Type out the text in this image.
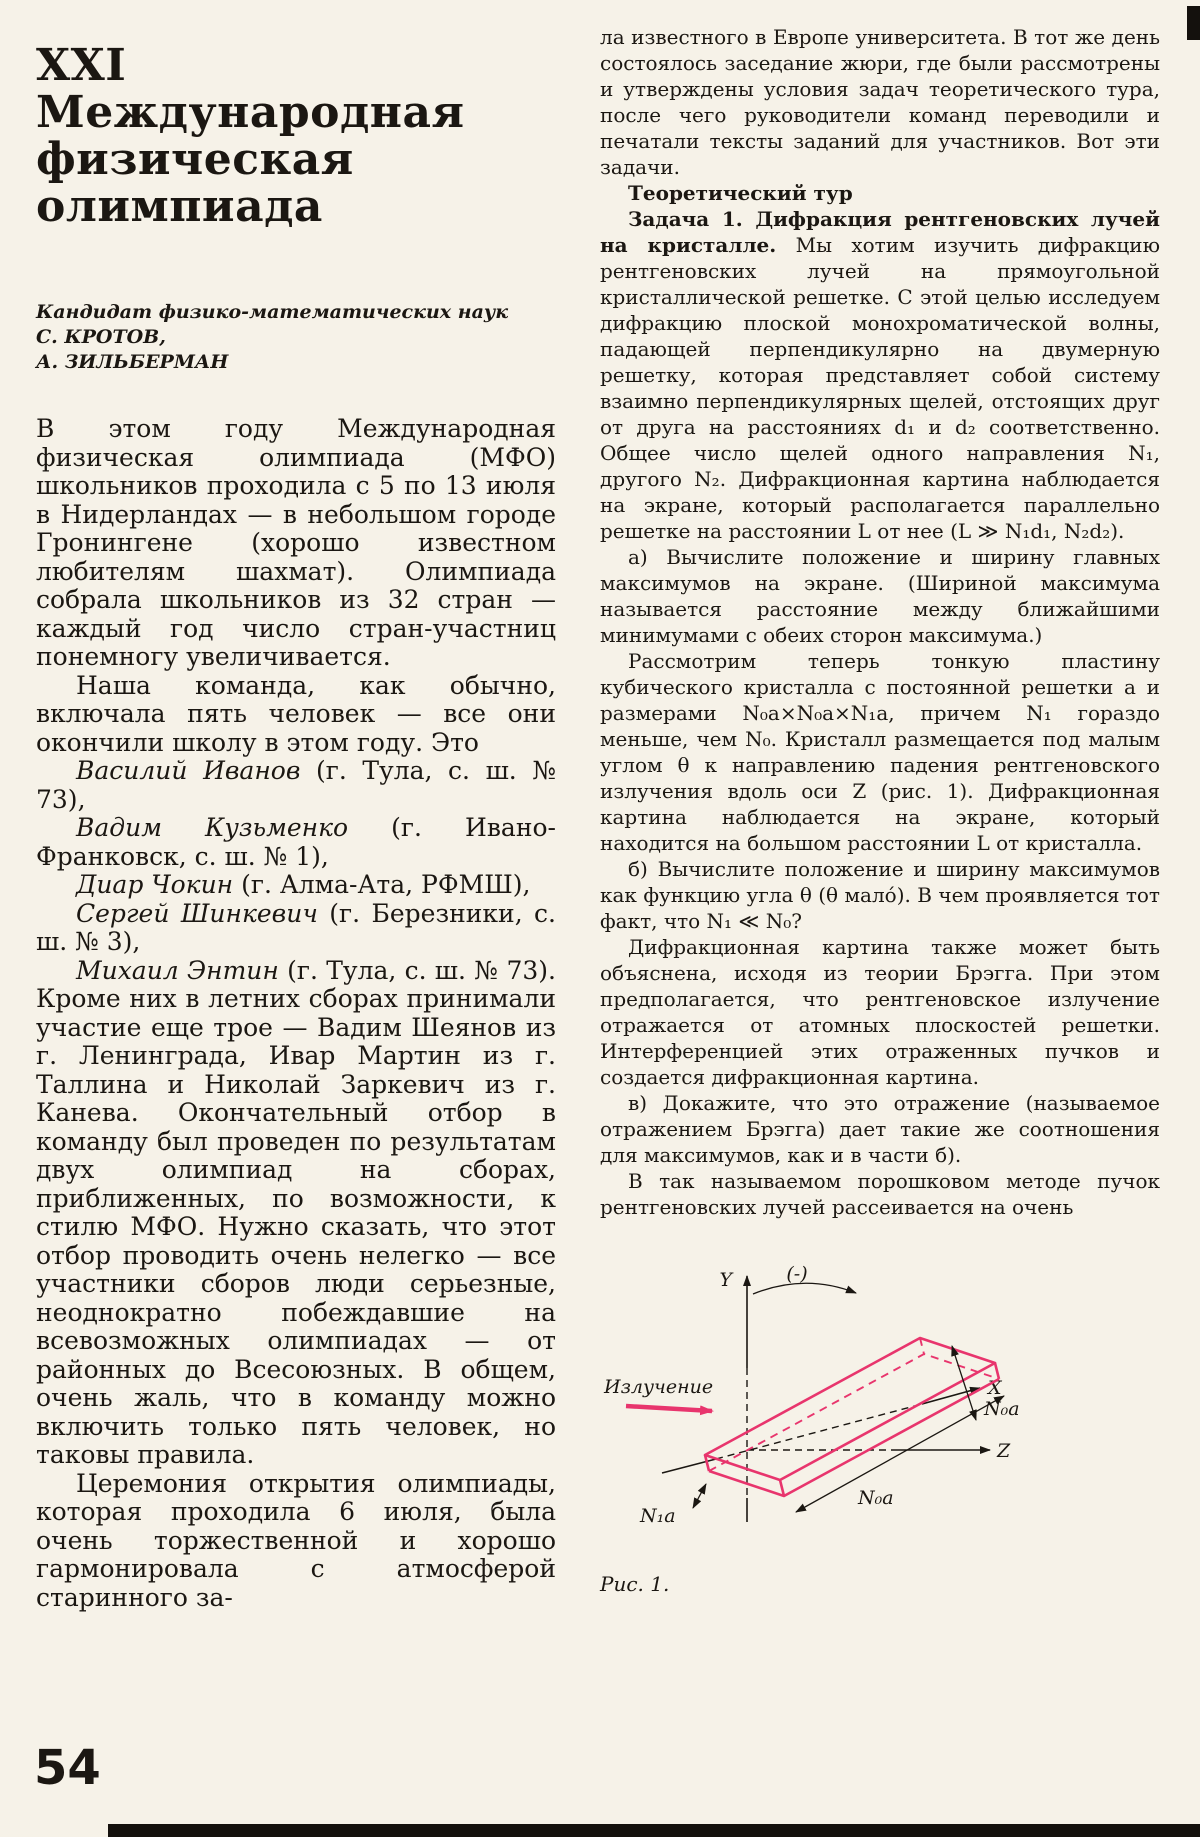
XXI
Международная
физическая
олимпиада
Кандидат физико-математических наук
С. КРОТОВ,
А. ЗИЛЬБЕРМАН

В этом году Международная физическая олимпиада (МФО) школьников проходила с 5 по 13 июля в Нидерландах — в небольшом городе Гронингене (хорошо известном любителям шахмат). Олимпиада собрала школьников из 32 стран — каждый год число стран-участниц понемногу увеличивается.

Наша команда, как обычно, включала пять человек — все они окончили школу в этом году. Это

Василий Иванов (г. Тула, с. ш. № 73),

Вадим Кузьменко (г. Ивано-Франковск, с. ш. № 1),

Диар Чокин (г. Алма-Ата, РФМШ),

Сергей Шинкевич (г. Березники, с. ш. № 3),

Михаил Энтин (г. Тула, с. ш. № 73). Кроме них в летних сборах принимали участие еще трое — Вадим Шеянов из г. Ленинграда, Ивар Мартин из г. Таллина и Николай Заркевич из г. Канева. Окончательный отбор в команду был проведен по результатам двух олимпиад на сборах, приближенных, по возможности, к стилю МФО. Нужно сказать, что этот отбор проводить очень нелегко — все участники сборов люди серьезные, неоднократно побеждавшие на всевозможных олимпиадах — от районных до Всесоюзных. В общем, очень жаль, что в команду можно включить только пять человек, но таковы правила.

Церемония открытия олимпиады, которая проходила 6 июля, была очень торжественной и хорошо гармонировала с атмосферой старинного за-

ла известного в Европе университета. В тот же день состоялось заседание жюри, где были рассмотрены и утверждены условия задач теоретического тура, после чего руководители команд переводили и печатали тексты заданий для участников. Вот эти задачи.

Теоретический тур

Задача 1. Дифракция рентгеновских лучей на кристалле. Мы хотим изучить дифракцию рентгеновских лучей на прямоугольной кристаллической решетке. С этой целью исследуем дифракцию плоской монохроматической волны, падающей перпендикулярно на двумерную решетку, которая представляет собой систему взаимно перпендикулярных щелей, отстоящих друг от друга на расстояниях d₁ и d₂ соответственно. Общее число щелей одного направления N₁, другого N₂. Дифракционная картина наблюдается на экране, который располагается параллельно решетке на расстоянии L от нее (L ≫ N₁d₁, N₂d₂).

а) Вычислите положение и ширину главных максимумов на экране. (Шириной максимума называется расстояние между ближайшими минимумами с обеих сторон максимума.)

Рассмотрим теперь тонкую пластину кубического кристалла с постоянной решетки a и размерами N₀a×N₀a×N₁a, причем N₁ гораздо меньше, чем N₀. Кристалл размещается под малым углом θ к направлению падения рентгеновского излучения вдоль оси Z (рис. 1). Дифракционная картина наблюдается на экране, который находится на большом расстоянии L от кристалла.

б) Вычислите положение и ширину максимумов как функцию угла θ (θ мало́). В чем проявляется тот факт, что N₁ ≪ N₀?

Дифракционная картина также может быть объяснена, исходя из теории Брэгга. При этом предполагается, что рентгеновское излучение отражается от атомных плоскостей решетки. Интерференцией этих отраженных пучков и создается дифракционная картина.

в) Докажите, что это отражение (называемое отражением Брэгга) дает такие же соотношения для максимумов, как и в части б).

В так называемом порошковом методе пучок рентгеновских лучей рассеивается на очень

Y	(-)
X
Z
Излучение
N₀a
N₀a
N₁a
Рис. 1.
54
